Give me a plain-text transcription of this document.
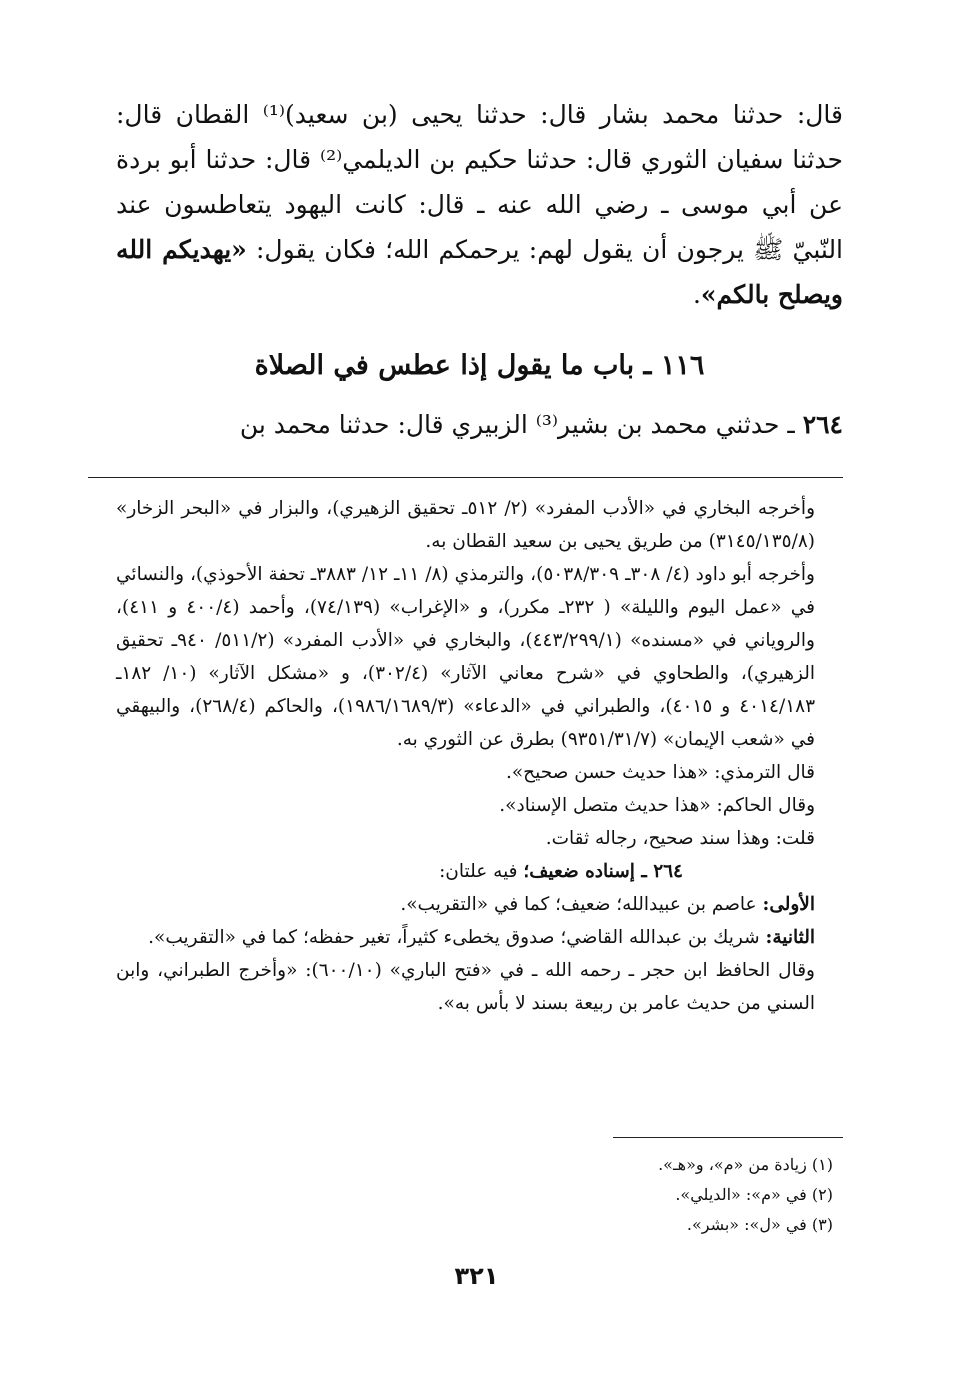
قال: حدثنا محمد بشار قال: حدثنا يحيى (بن سعيد)⁽¹⁾ القطان قال: حدثنا سفيان الثوري قال: حدثنا حكيم بن الديلمي⁽²⁾ قال: حدثنا أبو بردة عن أبي موسى ـ رضي الله عنه ـ قال: كانت اليهود يتعاطسون عند النّبيّ ﷺ يرجون أن يقول لهم: يرحمكم الله؛ فكان يقول: «يهديكم الله ويصلح بالكم».

١١٦ ـ باب ما يقول إذا عطس في الصلاة

٢٦٤ ـ حدثني محمد بن بشير⁽³⁾ الزبيري قال: حدثنا محمد بن

وأخرجه البخاري في «الأدب المفرد» (٢/ ٥١٢ـ تحقيق الزهيري)، والبزار في «البحر الزخار» (٣١٤٥/١٣٥/٨) من طريق يحيى بن سعيد القطان به.

وأخرجه أبو داود (٤/ ٣٠٨ـ ٥٠٣٨/٣٠٩)، والترمذي (٨/ ١١ـ ١٢/ ٣٨٨٣ـ تحفة الأحوذي)، والنسائي في «عمل اليوم والليلة» ( ٢٣٢ـ مكرر)، و «الإغراب» (٧٤/١٣٩)، وأحمد (٤٠٠/٤ و ٤١١)، والروياني في «مسنده» (٤٤٣/٢٩٩/١)، والبخاري في «الأدب المفرد» (٥١١/٢/ ٩٤٠ـ تحقيق الزهيري)، والطحاوي في «شرح معاني الآثار» (٣٠٢/٤)، و «مشكل الآثار» (١٠/ ١٨٢ـ ٤٠١٤/١٨٣ و ٤٠١٥)، والطبراني في «الدعاء» (١٩٨٦/١٦٨٩/٣)، والحاكم (٢٦٨/٤)، والبيهقي في «شعب الإيمان» (٩٣٥١/٣١/٧) بطرق عن الثوري به.

قال الترمذي: «هذا حديث حسن صحيح».

وقال الحاكم: «هذا حديث متصل الإسناد».

قلت: وهذا سند صحيح، رجاله ثقات.

٢٦٤ ـ إسناده ضعيف؛ فيه علتان:

الأولى: عاصم بن عبيدالله؛ ضعيف؛ كما في «التقريب».

الثانية: شريك بن عبدالله القاضي؛ صدوق يخطىء كثيراً، تغير حفظه؛ كما في «التقريب».

وقال الحافظ ابن حجر ـ رحمه الله ـ في «فتح الباري» (٦٠٠/١٠): «وأخرج الطبراني، وابن السني من حديث عامر بن ربيعة بسند لا بأس به».

(١) زيادة من «م»، و«هـ».

(٢) في «م»: «الديلي».

(٣) في «ل»: «بشر».

٣٢١
